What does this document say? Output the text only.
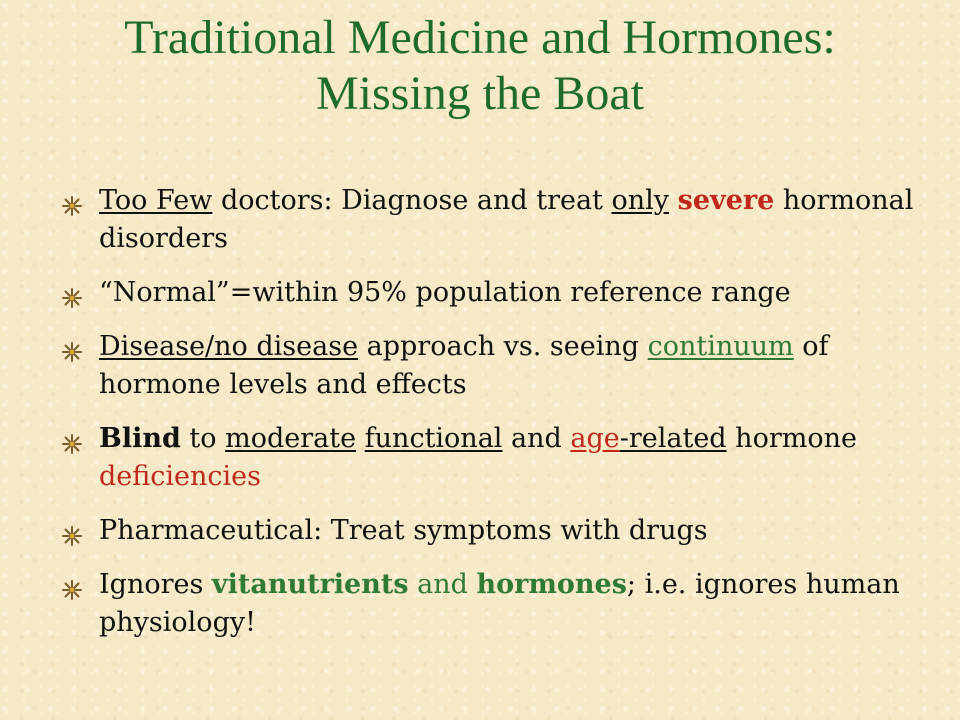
Traditional Medicine and Hormones:
Missing the Boat
Too Few doctors: Diagnose and treat only severe hormonal disorders
“Normal”=within 95% population reference range
Disease/no disease approach vs. seeing continuum of hormone levels and effects
Blind to moderate functional and age-related hormone deficiencies
Pharmaceutical: Treat symptoms with drugs
Ignores vitanutrients and hormones; i.e. ignores human physiology!
